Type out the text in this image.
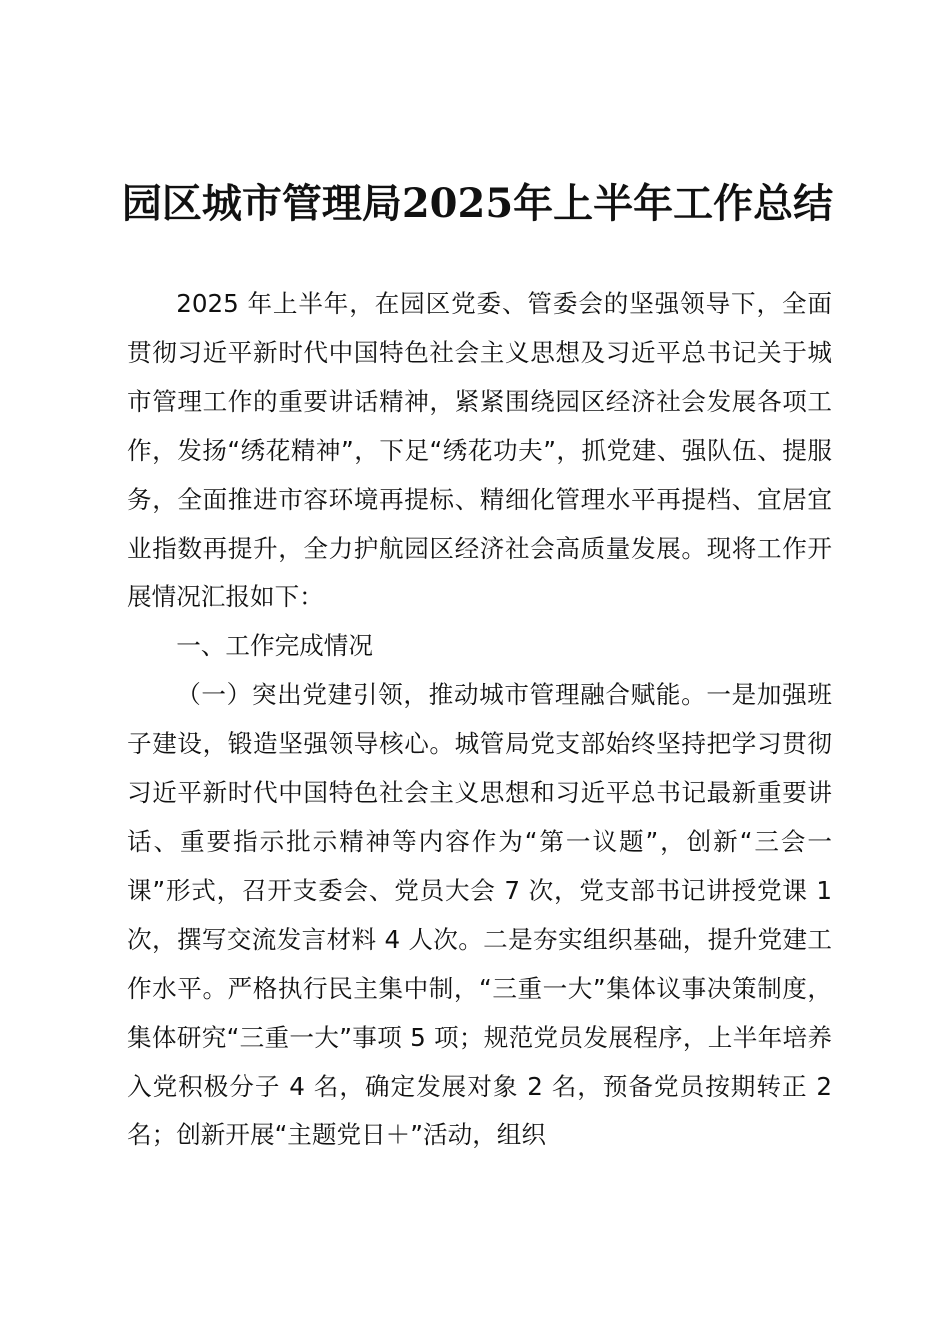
园区城市管理局2025年上半年工作总结

2025 年上半年，在园区党委、管委会的坚强领导下，全面贯彻习近平新时代中国特色社会主义思想及习近平总书记关于城市管理工作的重要讲话精神，紧紧围绕园区经济社会发展各项工作，发扬“绣花精神”，下足“绣花功夫”，抓党建、强队伍、提服务，全面推进市容环境再提标、精细化管理水平再提档、宜居宜业指数再提升，全力护航园区经济社会高质量发展。现将工作开展情况汇报如下：

一、工作完成情况

（一）突出党建引领，推动城市管理融合赋能。一是加强班子建设，锻造坚强领导核心。城管局党支部始终坚持把学习贯彻习近平新时代中国特色社会主义思想和习近平总书记最新重要讲话、重要指示批示精神等内容作为“第一议题”，创新“三会一课”形式，召开支委会、党员大会 7 次，党支部书记讲授党课 1 次，撰写交流发言材料 4 人次。二是夯实组织基础，提升党建工作水平。严格执行民主集中制，“三重一大”集体议事决策制度，集体研究“三重一大”事项 5 项；规范党员发展程序，上半年培养入党积极分子 4 名，确定发展对象 2 名，预备党员按期转正 2 名；创新开展“主题党日＋”活动，组织
